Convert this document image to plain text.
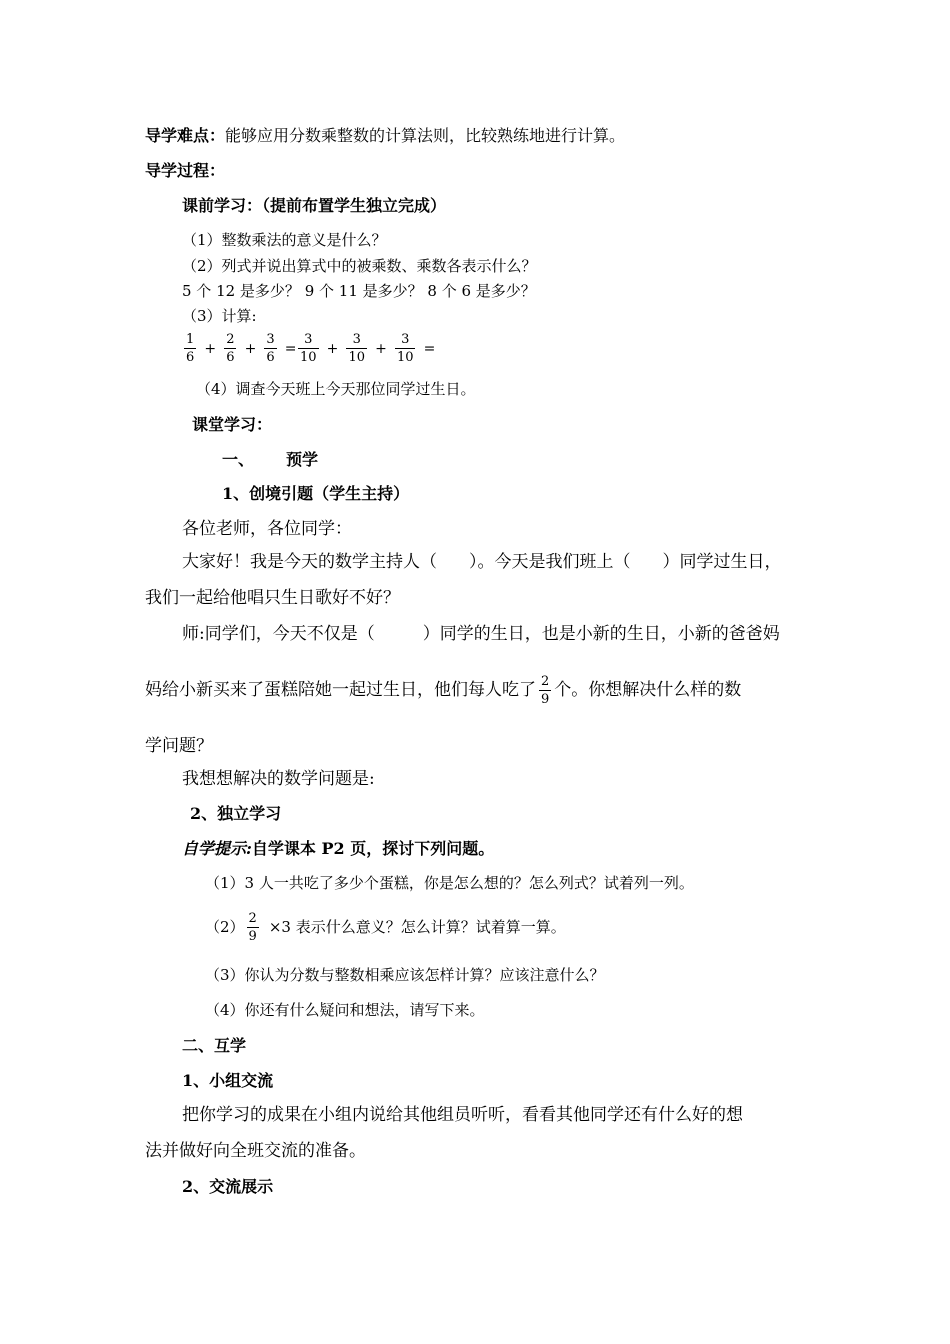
导学难点：能够应用分数乘整数的计算法则，比较熟练地进行计算。
导学过程：
课前学习：（提前布置学生独立完成）
（1）整数乘法的意义是什么？
（2）列式并说出算式中的被乘数、乘数各表示什么？
5 个 12 是多少？ 9 个 11 是多少？ 8 个 6 是多少？
（3）计算:
$\frac{1}{6} + \frac{2}{6} + \frac{3}{6} = \frac{3}{10} + \frac{3}{10} + \frac{3}{10}$ =
（4）调查今天班上今天那位同学过生日。
课堂学习：
一、 预学
1、创境引题（学生主持）
各位老师，各位同学：
大家好！我是今天的数学主持人（ ）。今天是我们班上（ ）同学过生日，
我们一起给他唱只生日歌好不好？
师:同学们，今天不仅是（	）同学的生日，也是小新的生日，小新的爸爸妈
妈给小新买来了蛋糕陪她一起过生日，他们每人吃了 $\frac{2}{9}$ 个。你想解决什么样的数
学问题？
我想想解决的数学问题是:
2、独立学习
自学提示:自学课本 P2 页，探讨下列问题。
（1）3 人一共吃了多少个蛋糕，你是怎么想的？怎么列式？试着列一列。
$(2) \frac{2}{9} \times 3$ 表示什么意义？怎么计算？试着算一算。
（3）你认为分数与整数相乘应该怎样计算？应该注意什么？
（4）你还有什么疑问和想法，请写下来。
二、互学
1、小组交流
把你学习的成果在小组内说给其他组员听听，看看其他同学还有什么好的想
法并做好向全班交流的准备。
2、交流展示
